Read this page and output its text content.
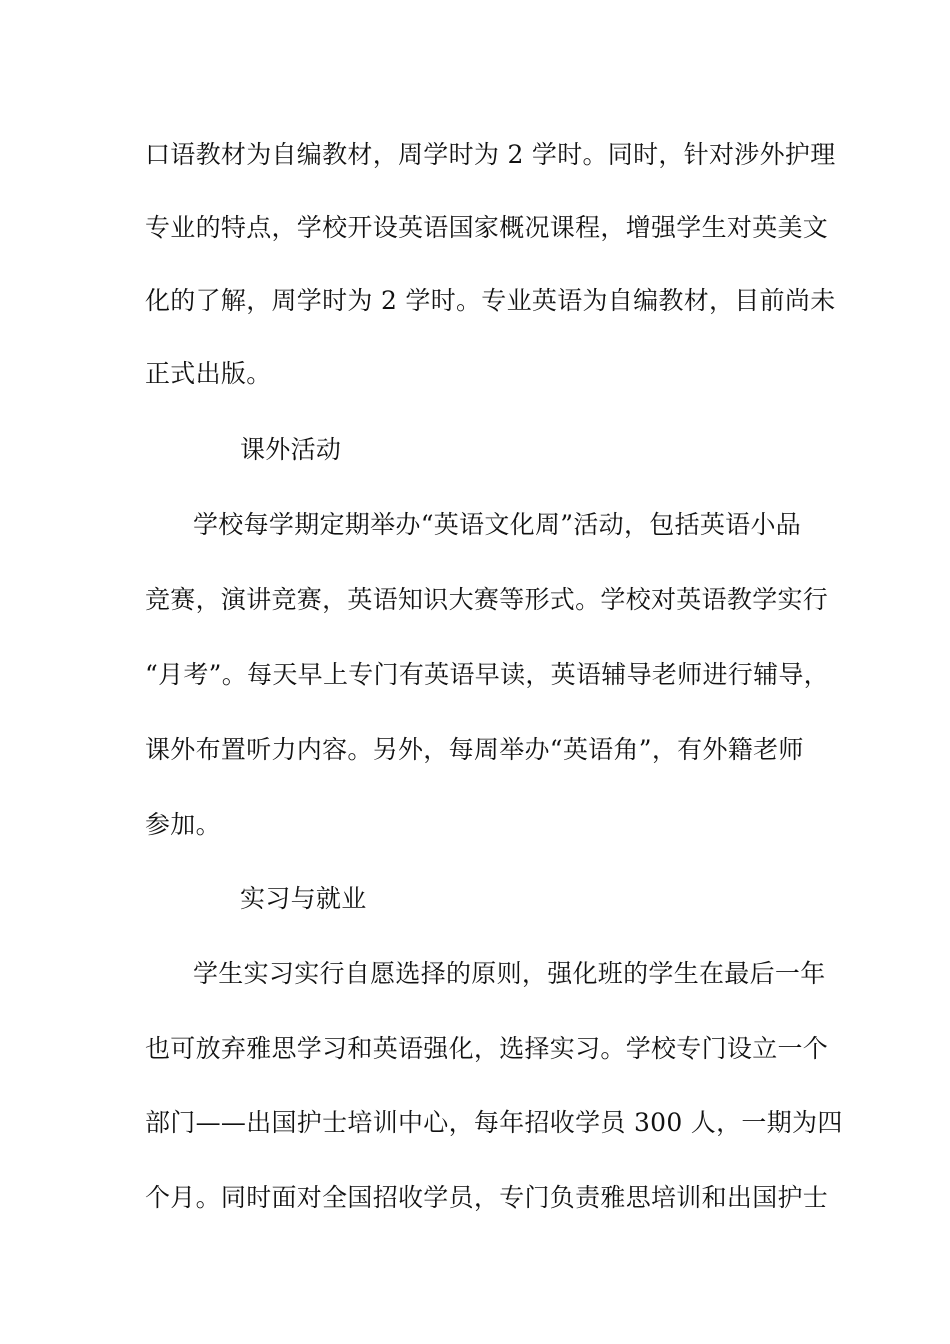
口语教材为自编教材，周学时为 2 学时。同时，针对涉外护理
专业的特点，学校开设英语国家概况课程，增强学生对英美文
化的了解，周学时为 2 学时。专业英语为自编教材，目前尚未
正式出版。
课外活动
学校每学期定期举办“英语文化周”活动，包括英语小品
竞赛，演讲竞赛，英语知识大赛等形式。学校对英语教学实行
“月考”。每天早上专门有英语早读，英语辅导老师进行辅导，
课外布置听力内容。另外，每周举办“英语角”，有外籍老师
参加。
实习与就业
学生实习实行自愿选择的原则，强化班的学生在最后一年
也可放弃雅思学习和英语强化，选择实习。学校专门设立一个
部门——出国护士培训中心，每年招收学员 300 人，一期为四
个月。同时面对全国招收学员，专门负责雅思培训和出国护士
